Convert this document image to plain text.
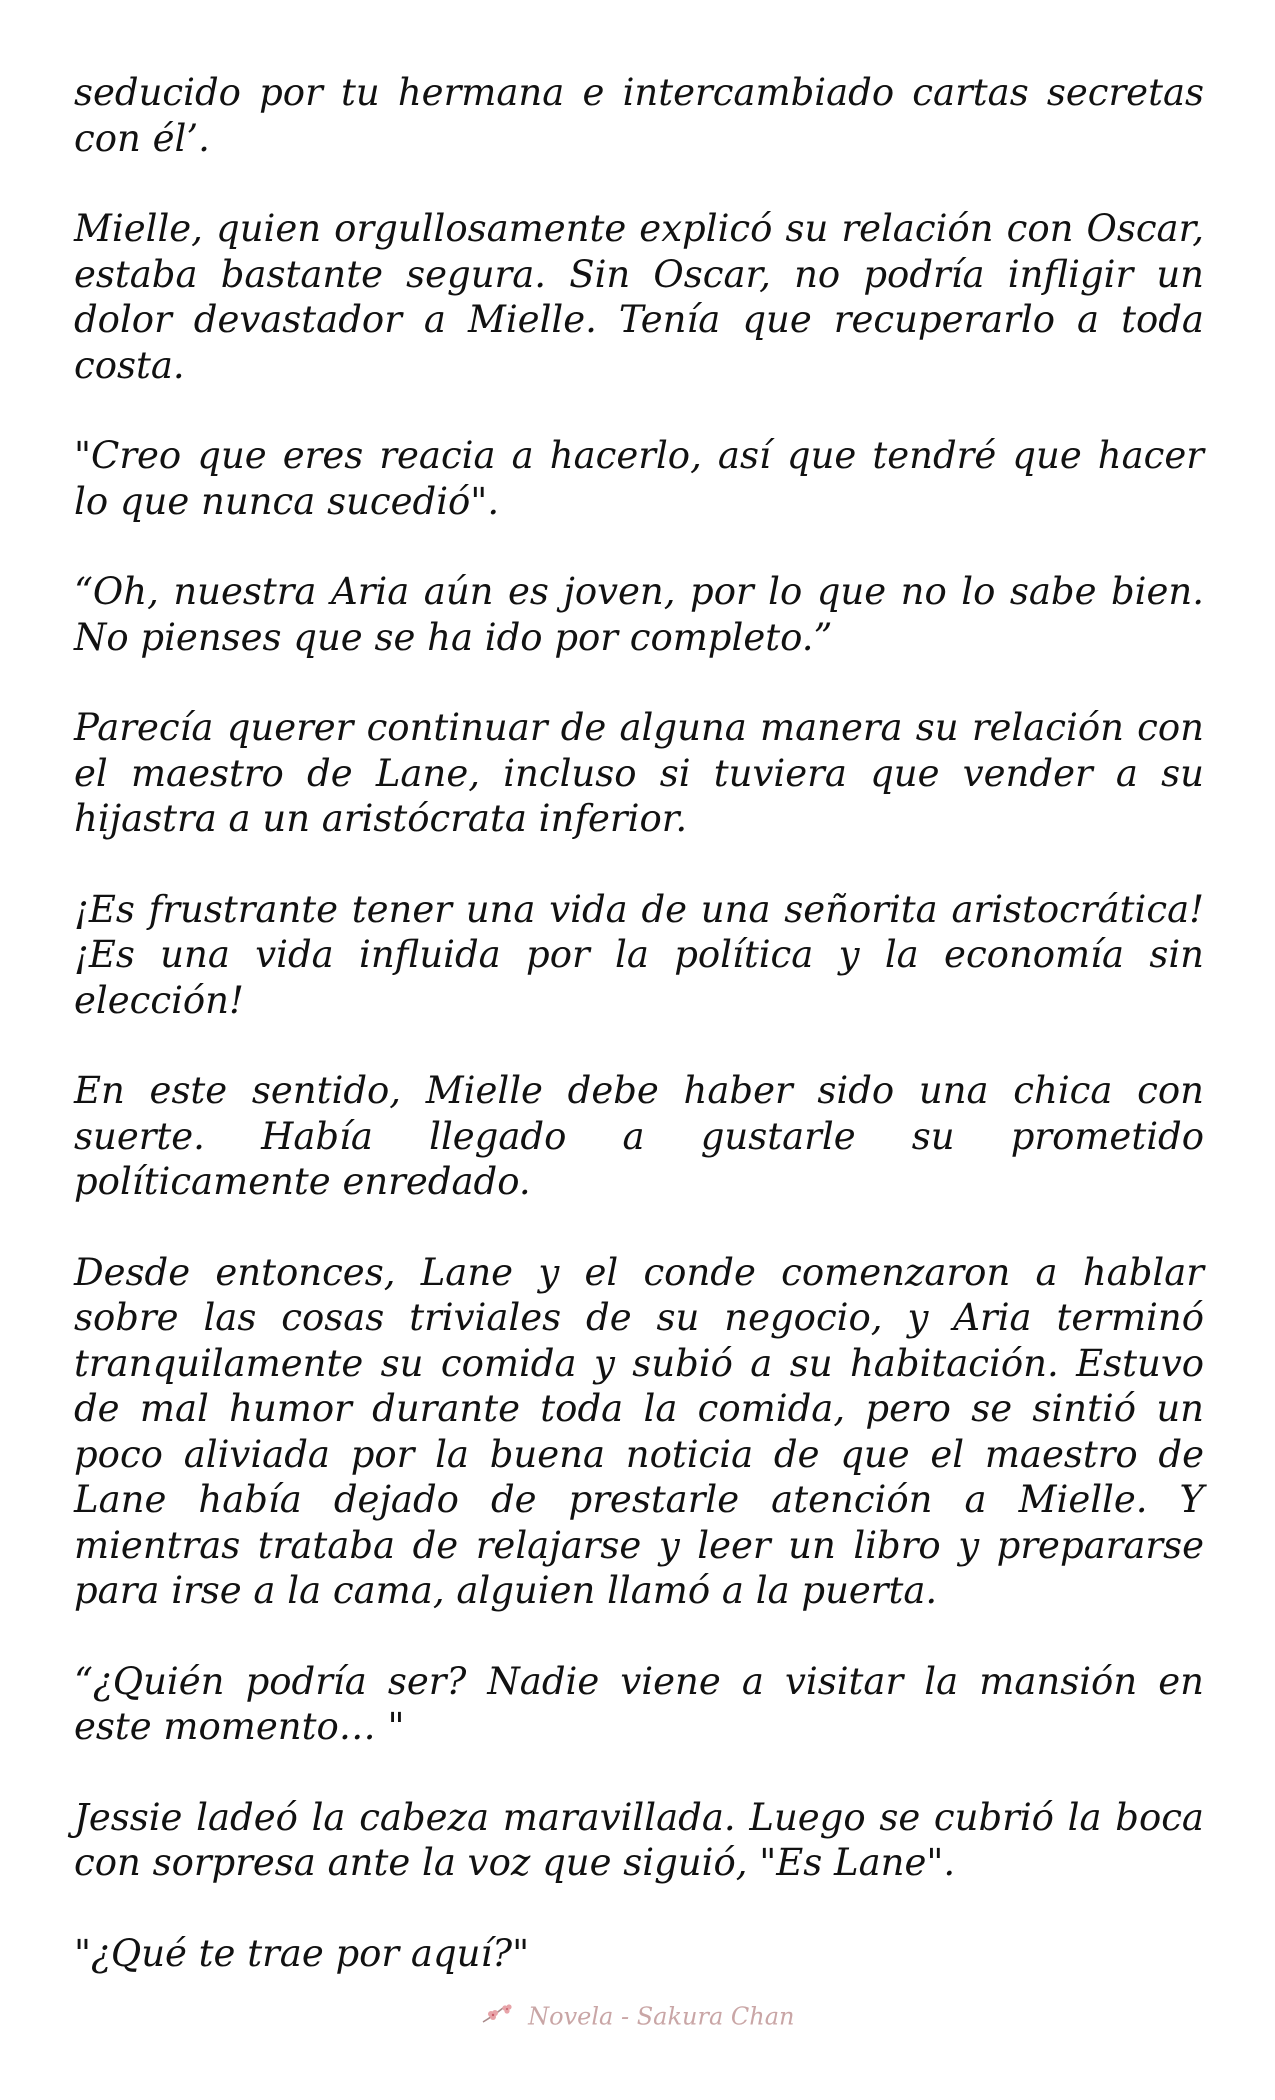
seducido por tu hermana e intercambiado cartas secretas con él’.

Mielle, quien orgullosamente explicó su relación con Oscar, estaba bastante segura. Sin Oscar, no podría infligir un dolor devastador a Mielle. Tenía que recuperarlo a toda costa.

"Creo que eres reacia a hacerlo, así que tendré que hacer lo que nunca sucedió".

“Oh, nuestra Aria aún es joven, por lo que no lo sabe bien. No pienses que se ha ido por completo.”

Parecía querer continuar de alguna manera su relación con el maestro de Lane, incluso si tuviera que vender a su hijastra a un aristócrata inferior.

¡Es frustrante tener una vida de una señorita aristocrática! ¡Es una vida influida por la política y la economía sin elección!

En este sentido, Mielle debe haber sido una chica con suerte. Había llegado a gustarle su prometido políticamente enredado.

Desde entonces, Lane y el conde comenzaron a hablar sobre las cosas triviales de su negocio, y Aria terminó tranquilamente su comida y subió a su habitación. Estuvo de mal humor durante toda la comida, pero se sintió un poco aliviada por la buena noticia de que el maestro de Lane había dejado de prestarle atención a Mielle. Y mientras trataba de relajarse y leer un libro y prepararse para irse a la cama, alguien llamó a la puerta.

“¿Quién podría ser? Nadie viene a visitar la mansión en este momento… "

Jessie ladeó la cabeza maravillada. Luego se cubrió la boca con sorpresa ante la voz que siguió, "Es Lane".

"¿Qué te trae por aquí?"

Novela - Sakura Chan
